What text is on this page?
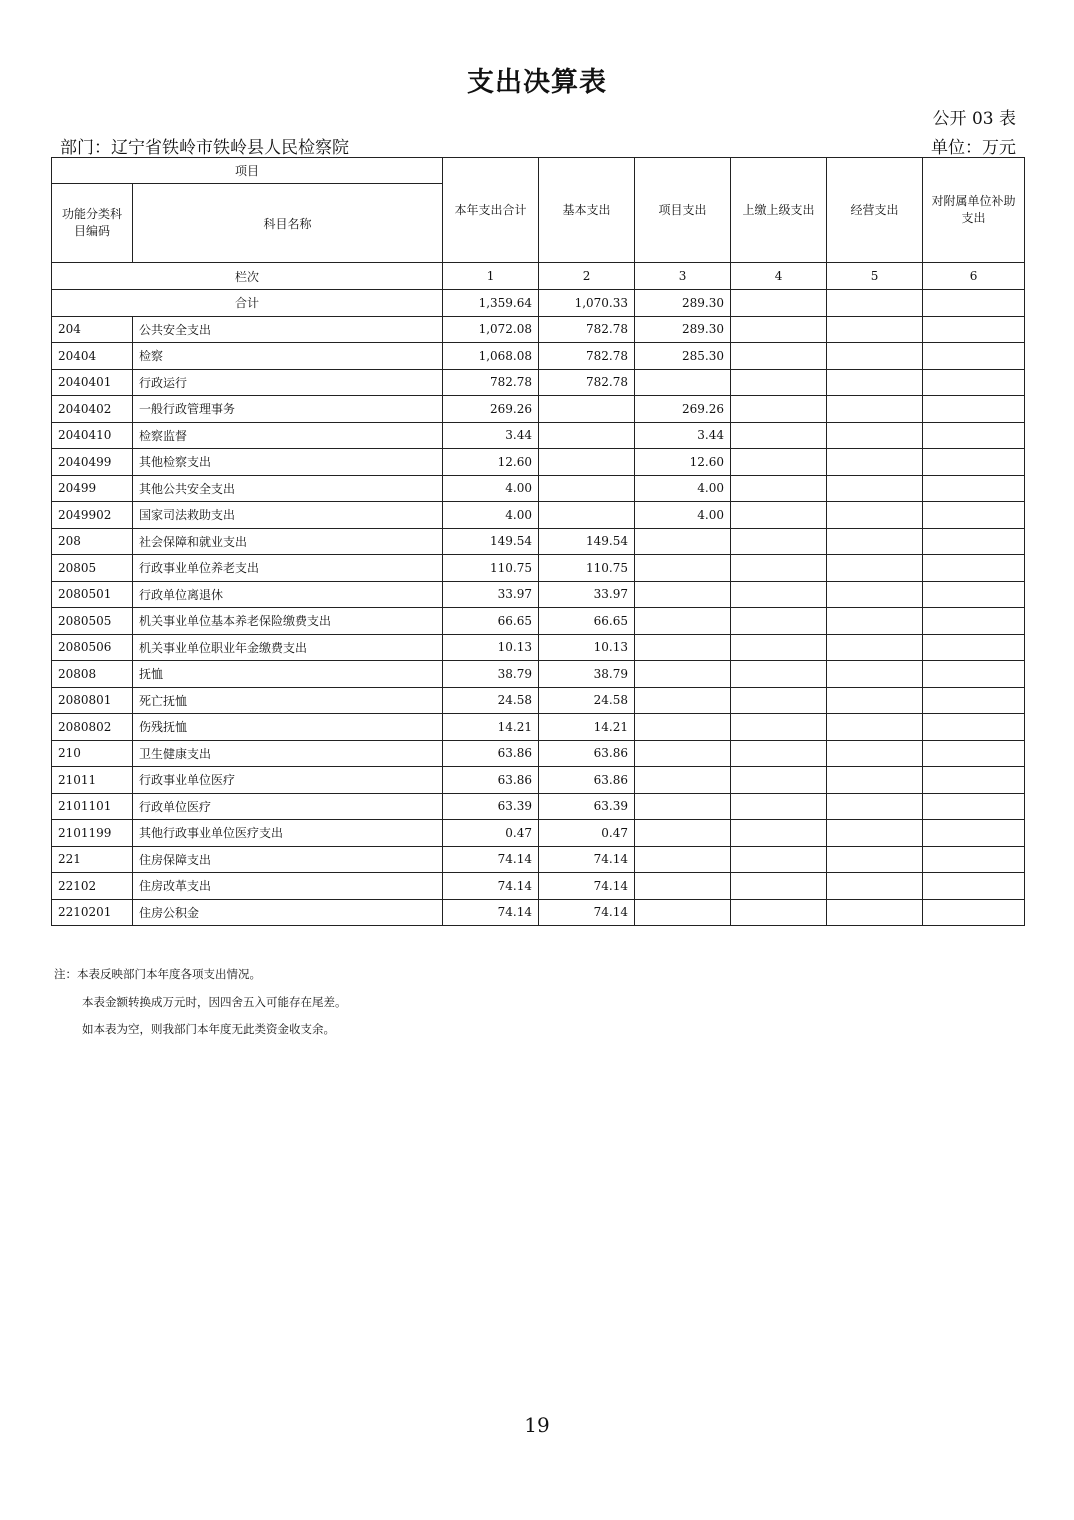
支出决算表
公开 03 表
部门：辽宁省铁岭市铁岭县人民检察院	单位：万元
项目		本年支出合计	基本支出	项目支出	上缴上级支出	经营支出	对附属单位补助支出
功能分类科目编码	科目名称						
栏次		1	2	3	4	5	6
合计		1,359.64	1,070.33	289.30			
204	公共安全支出	1,072.08	782.78	289.30			
20404	检察	1,068.08	782.78	285.30			
2040401	行政运行	782.78	782.78				
2040402	一般行政管理事务	269.26		269.26			
2040410	检察监督	3.44		3.44			
2040499	其他检察支出	12.60		12.60			
20499	其他公共安全支出	4.00		4.00			
2049902	国家司法救助支出	4.00		4.00			
208	社会保障和就业支出	149.54	149.54				
20805	行政事业单位养老支出	110.75	110.75				
2080501	行政单位离退休	33.97	33.97				
2080505	机关事业单位基本养老保险缴费支出	66.65	66.65				
2080506	机关事业单位职业年金缴费支出	10.13	10.13				
20808	抚恤	38.79	38.79				
2080801	死亡抚恤	24.58	24.58				
2080802	伤残抚恤	14.21	14.21				
210	卫生健康支出	63.86	63.86				
21011	行政事业单位医疗	63.86	63.86				
2101101	行政单位医疗	63.39	63.39				
2101199	其他行政事业单位医疗支出	0.47	0.47				
221	住房保障支出	74.14	74.14				
22102	住房改革支出	74.14	74.14				
2210201	住房公积金	74.14	74.14				
注：本表反映部门本年度各项支出情况。
本表金额转换成万元时，因四舍五入可能存在尾差。
如本表为空，则我部门本年度无此类资金收支余。
19
